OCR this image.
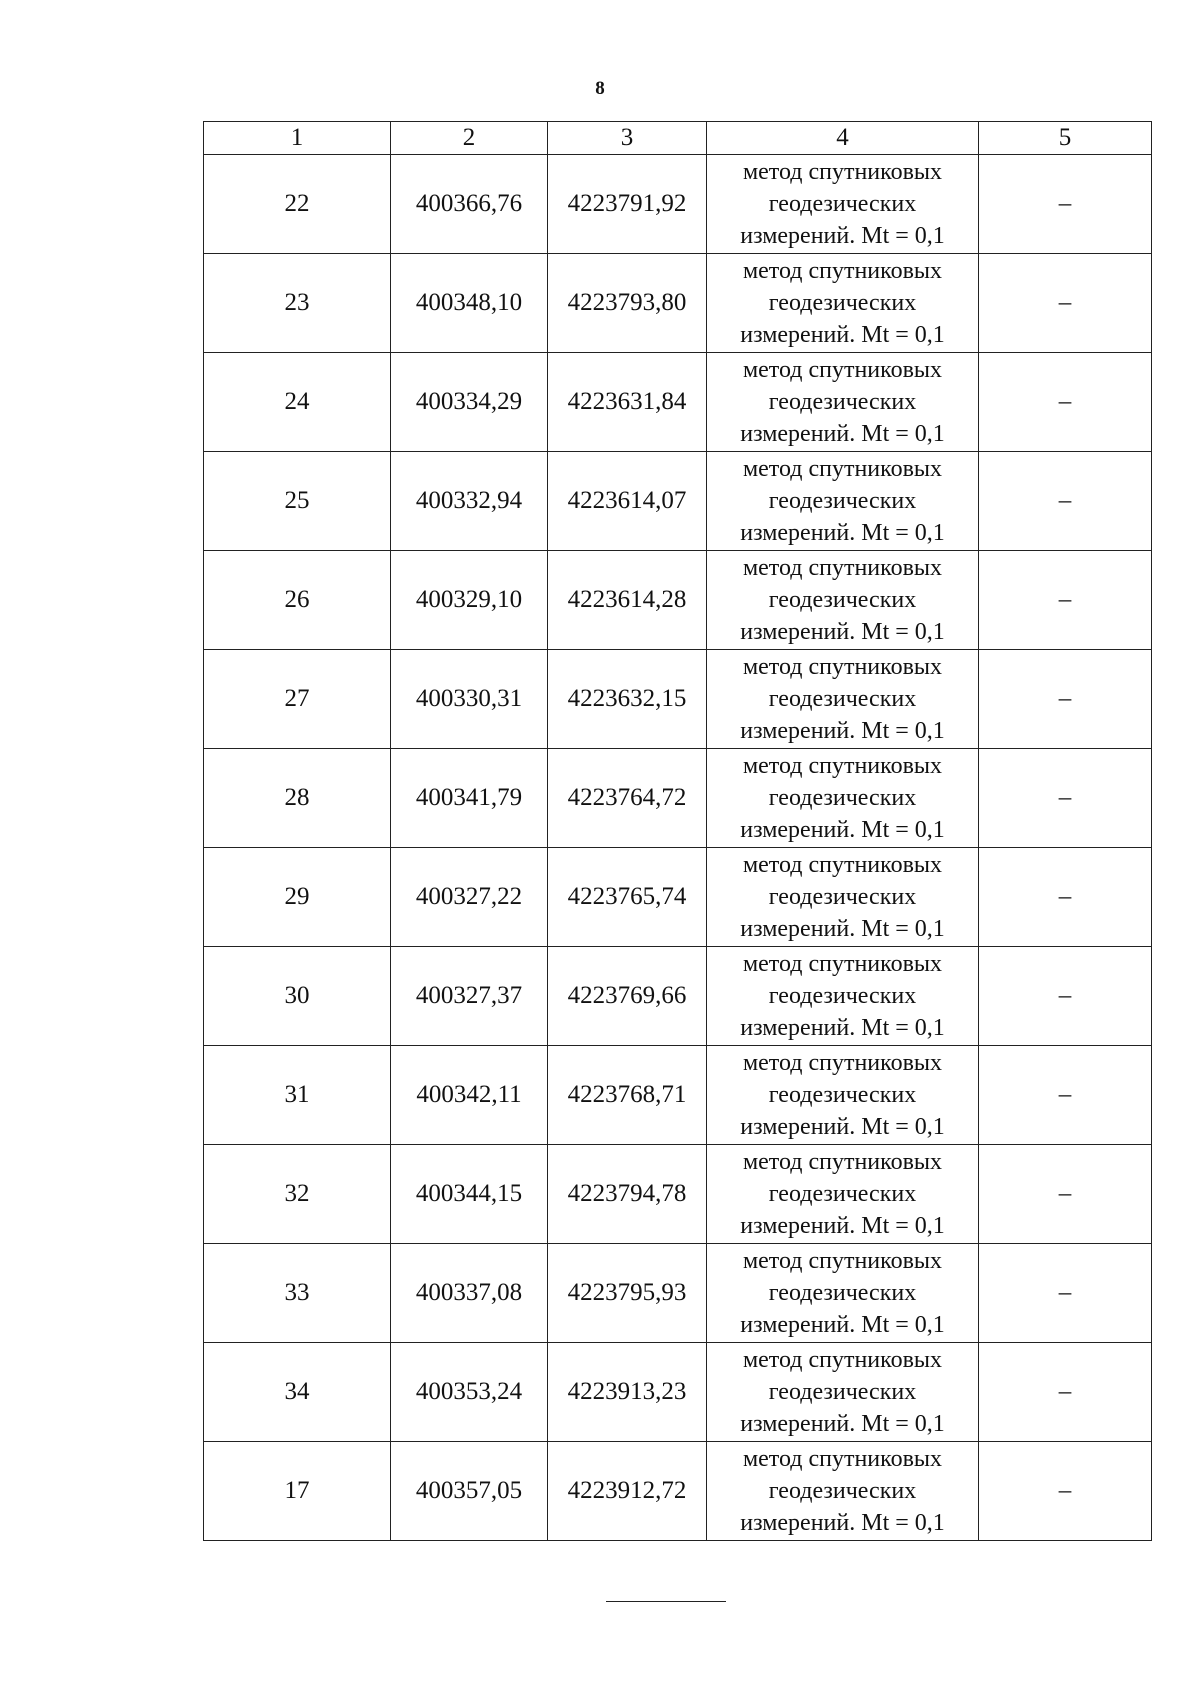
8
1	2	3	4	5
22	400366,76	4223791,92	метод спутниковых
геодезических
измерений. Mt = 0,1	–
23	400348,10	4223793,80	метод спутниковых
геодезических
измерений. Mt = 0,1	–
24	400334,29	4223631,84	метод спутниковых
геодезических
измерений. Mt = 0,1	–
25	400332,94	4223614,07	метод спутниковых
геодезических
измерений. Mt = 0,1	–
26	400329,10	4223614,28	метод спутниковых
геодезических
измерений. Mt = 0,1	–
27	400330,31	4223632,15	метод спутниковых
геодезических
измерений. Mt = 0,1	–
28	400341,79	4223764,72	метод спутниковых
геодезических
измерений. Mt = 0,1	–
29	400327,22	4223765,74	метод спутниковых
геодезических
измерений. Mt = 0,1	–
30	400327,37	4223769,66	метод спутниковых
геодезических
измерений. Mt = 0,1	–
31	400342,11	4223768,71	метод спутниковых
геодезических
измерений. Mt = 0,1	–
32	400344,15	4223794,78	метод спутниковых
геодезических
измерений. Mt = 0,1	–
33	400337,08	4223795,93	метод спутниковых
геодезических
измерений. Mt = 0,1	–
34	400353,24	4223913,23	метод спутниковых
геодезических
измерений. Mt = 0,1	–
17	400357,05	4223912,72	метод спутниковых
геодезических
измерений. Mt = 0,1	–
